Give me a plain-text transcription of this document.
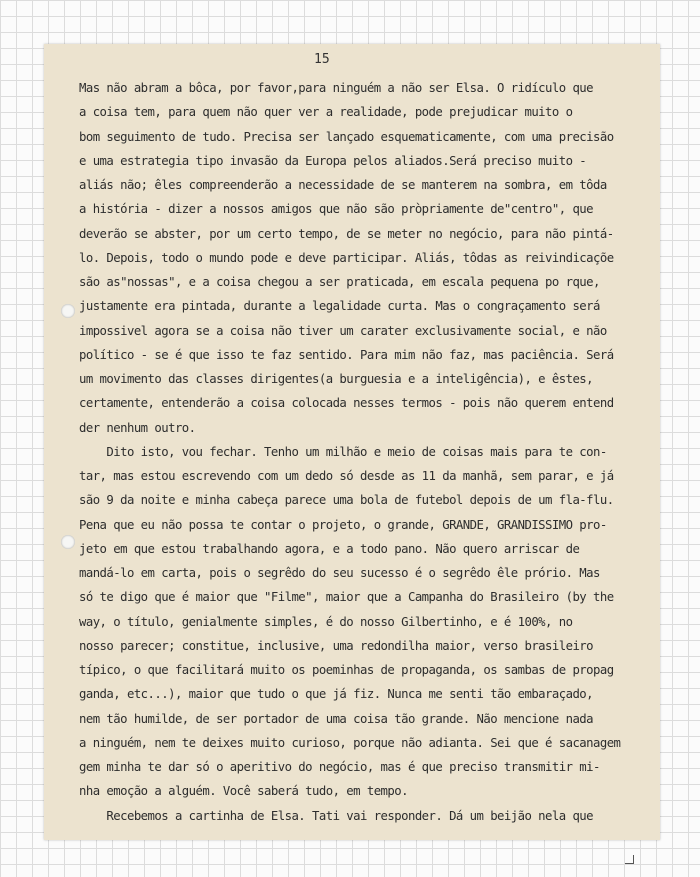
15
Mas não abram a bôca, por favor,para ninguém a não ser Elsa. O ridículo que
a coisa tem, para quem não quer ver a realidade, pode prejudicar muito o
bom seguimento de tudo. Precisa ser lançado esquematicamente, com uma precisão
e uma estrategia tipo invasão da Europa pelos aliados.Será preciso muito -
aliás não; êles compreenderão a necessidade de se manterem na sombra, em tôda
a história - dizer a nossos amigos que não são pròpriamente de"centro", que
deverão se abster, por um certo tempo, de se meter no negócio, para não pintá-
lo. Depois, todo o mundo pode e deve participar. Aliás, tôdas as reivindicaçõe
são as"nossas", e a coisa chegou a ser praticada, em escala pequena po rque,
justamente era pintada, durante a legalidade curta. Mas o congraçamento será
impossivel agora se a coisa não tiver um carater exclusivamente social, e não
político - se é que isso te faz sentido. Para mim não faz, mas paciência. Será
um movimento das classes dirigentes(a burguesia e a inteligência), e êstes,
certamente, entenderão a coisa colocada nesses termos - pois não querem entend
der nenhum outro.
Dito isto, vou fechar. Tenho um milhão e meio de coisas mais para te con-
tar, mas estou escrevendo com um dedo só desde as 11 da manhã, sem parar, e já
são 9 da noite e minha cabeça parece uma bola de futebol depois de um fla-flu.
Pena que eu não possa te contar o projeto, o grande, GRANDE, GRANDISSIMO pro-
jeto em que estou trabalhando agora, e a todo pano. Não quero arriscar de
mandá-lo em carta, pois o segrêdo do seu sucesso é o segrêdo êle prório. Mas
só te digo que é maior que "Filme", maior que a Campanha do Brasileiro (by the
way, o título, genialmente simples, é do nosso Gilbertinho, e é 100%, no
nosso parecer; constitue, inclusive, uma redondilha maior, verso brasileiro
típico, o que facilitará muito os poeminhas de propaganda, os sambas de propag
ganda, etc...), maior que tudo o que já fiz. Nunca me senti tão embaraçado,
nem tão humilde, de ser portador de uma coisa tão grande. Não mencione nada
a ninguém, nem te deixes muito curioso, porque não adianta. Sei que é sacanagem
gem minha te dar só o aperitivo do negócio, mas é que preciso transmitir mi-
nha emoção a alguém. Você saberá tudo, em tempo.
Recebemos a cartinha de Elsa. Tati vai responder. Dá um beijão nela que
